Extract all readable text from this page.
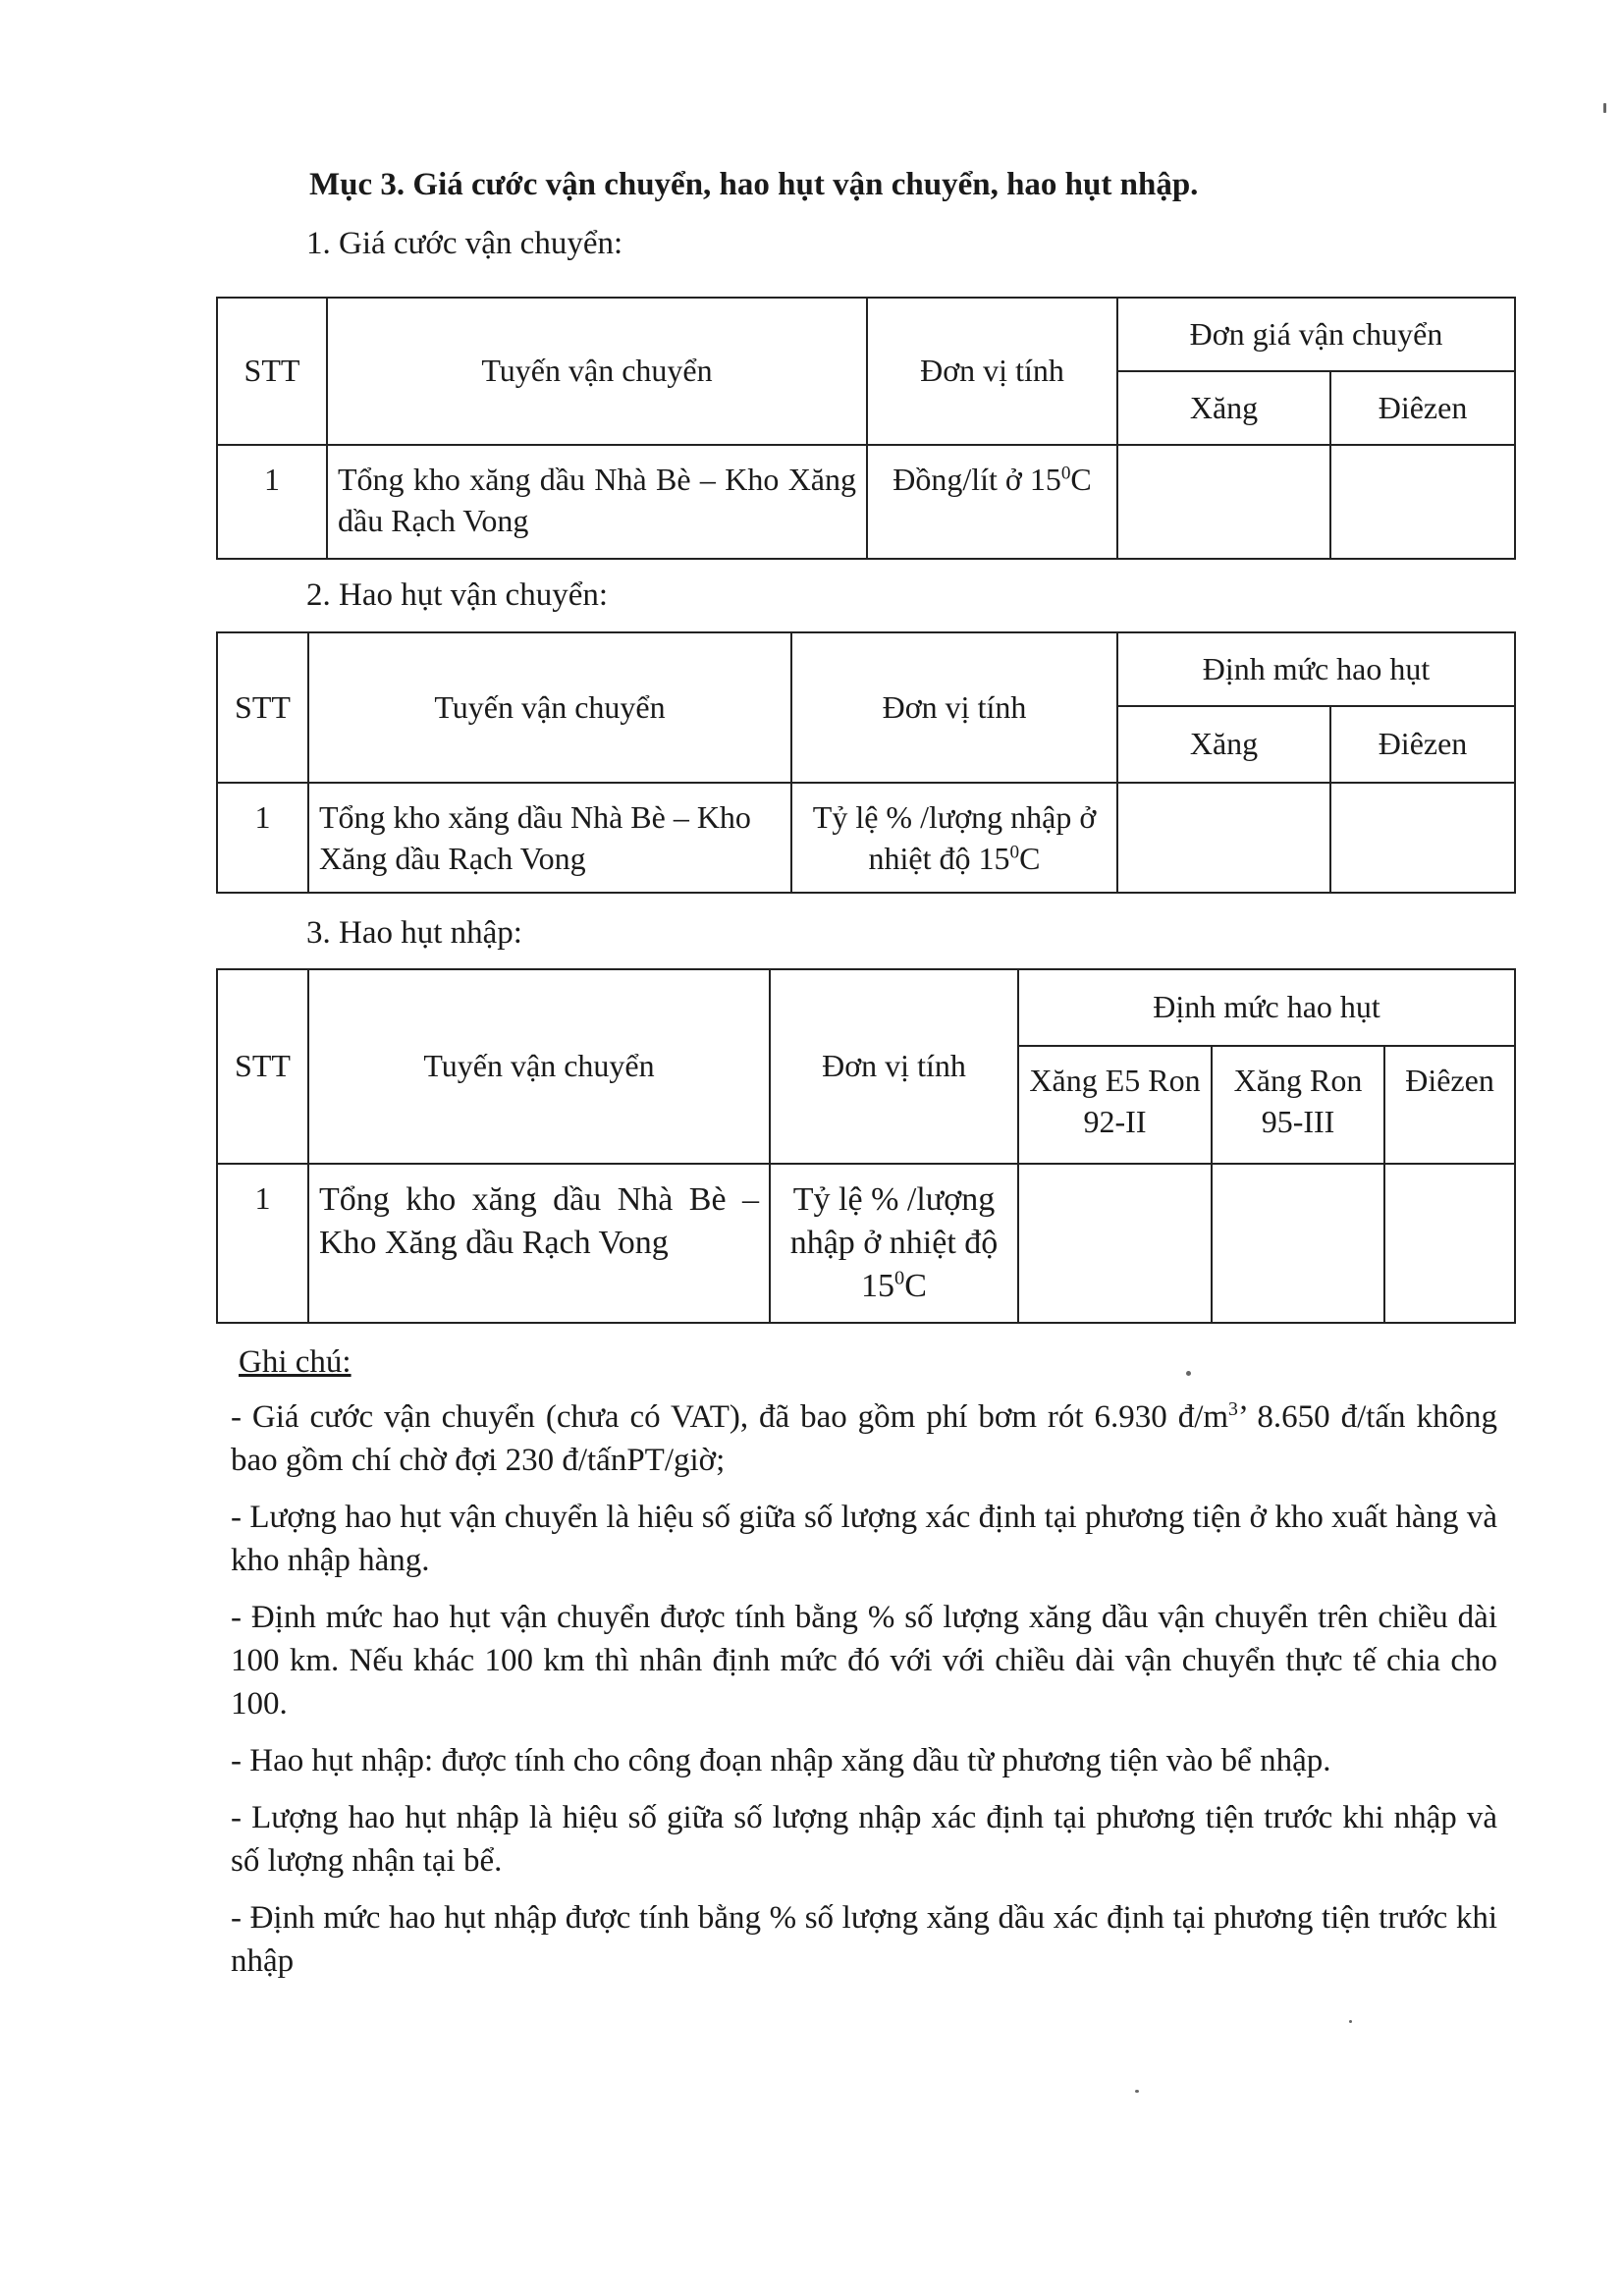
Mục 3. Giá cước vận chuyển, hao hụt vận chuyển, hao hụt nhập.
1. Giá cước vận chuyển:
STT	Tuyến vận chuyển	Đơn vị tính	Đơn giá vận chuyển	
			Xăng	Điêzen
1	Tổng kho xăng dầu Nhà Bè – Kho Xăng dầu Rạch Vong	Đồng/lít ở $15^0C$		
2. Hao hụt vận chuyển:
STT	Tuyến vận chuyển	Đơn vị tính	Định mức hao hụt	
			Xăng	Điêzen
1	Tổng kho xăng dầu Nhà Bè – Kho Xăng dầu Rạch Vong	Tỷ lệ % /lượng nhập ở nhiệt độ $15^0C$		
3. Hao hụt nhập:
STT	Tuyến vận chuyển	Đơn vị tính	Định mức hao hụt		
			Xăng E5 Ron 92-II	Xăng Ron 95-III	Điêzen
1	Tổng kho xăng dầu Nhà Bè – Kho Xăng dầu Rạch Vong	Tỷ lệ % /lượng nhập ở nhiệt độ $15^0C$			
Ghi chú:

- Giá cước vận chuyển (chưa có VAT), đã bao gồm phí bơm rót 6.930 $đ/m^3$’ 8.650 đ/tấn không bao gồm chí chờ đợi 230 đ/tấnPT/giờ;

- Lượng hao hụt vận chuyển là hiệu số giữa số lượng xác định tại phương tiện ở kho xuất hàng và kho nhập hàng.

- Định mức hao hụt vận chuyển được tính bằng % số lượng xăng dầu vận chuyển trên chiều dài 100 km. Nếu khác 100 km thì nhân định mức đó với với chiều dài vận chuyển thực tế chia cho 100.

- Hao hụt nhập: được tính cho công đoạn nhập xăng dầu từ phương tiện vào bể nhập.

- Lượng hao hụt nhập là hiệu số giữa số lượng nhập xác định tại phương tiện trước khi nhập và số lượng nhận tại bể.

- Định mức hao hụt nhập được tính bằng % số lượng xăng dầu xác định tại phương tiện trước khi nhập
